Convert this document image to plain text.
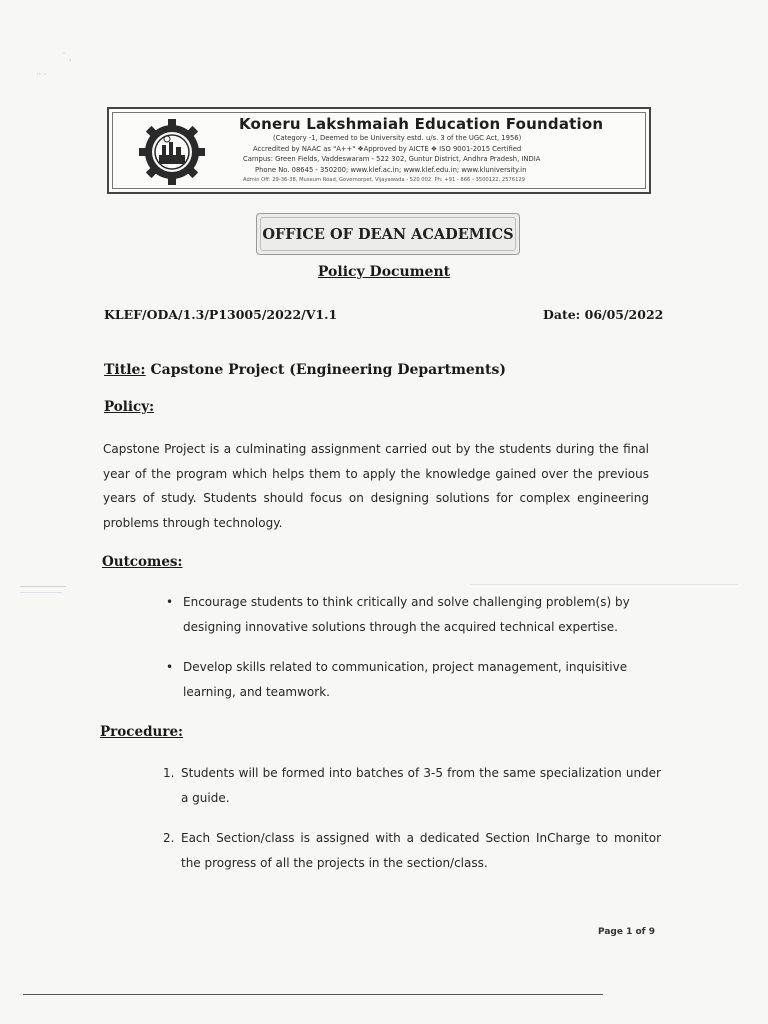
˙ ˎ
·· ·
Koneru Lakshmaiah Education Foundation
(Category -1, Deemed to be University estd. u/s. 3 of the UGC Act, 1956)
Accredited by NAAC as "A++" ❖Approved by AICTE ❖ ISO 9001-2015 Certified
Campus: Green Fields, Vaddeswaram - 522 302, Guntur District, Andhra Pradesh, INDIA
Phone No. 08645 - 350200; www.klef.ac.in; www.klef.edu.in; www.kluniversity.in
Admin Off: 29-36-38, Museum Road, Governorpet, Vijayawada - 520 002. Ph: +91 - 866 - 3500122, 2576129
OFFICE OF DEAN ACADEMICS
Policy Document
KLEF/ODA/1.3/P13005/2022/V1.1	Date: 06/05/2022
Title: Capstone Project (Engineering Departments)
Policy:
Capstone Project is a culminating assignment carried out by the students during the final year of the program which helps them to apply the knowledge gained over the previous years of study. Students should focus on designing solutions for complex engineering problems through technology.
Outcomes:
• Encourage students to think critically and solve challenging problem(s) by designing innovative solutions through the acquired technical expertise.
• Develop skills related to communication, project management, inquisitive learning, and teamwork.
Procedure:
1. Students will be formed into batches of 3-5 from the same specialization under a guide.
2. Each Section/class is assigned with a dedicated Section InCharge to monitor the progress of all the projects in the section/class.
Page 1 of 9
